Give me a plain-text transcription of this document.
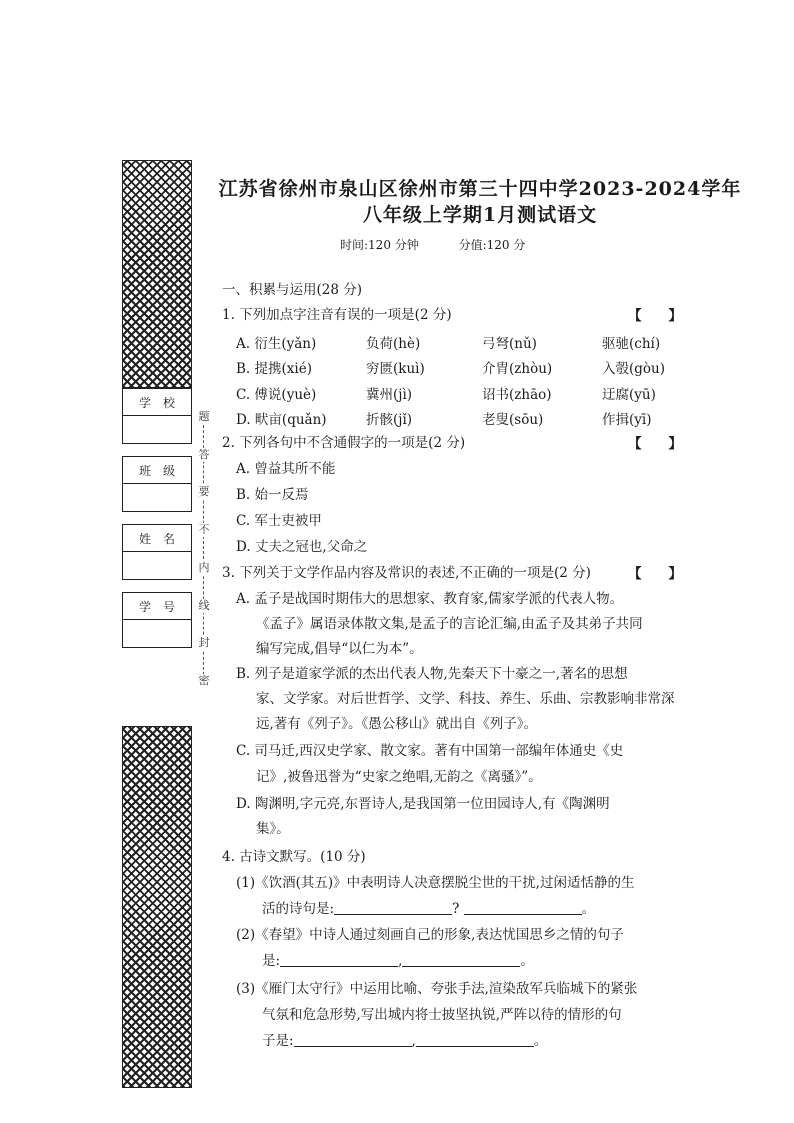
学 校
班 级
姓 名
学 号
题
答
要
不
内
线
封
密
江苏省徐州市泉山区徐州市第三十四中学2023-2024学年
八年级上学期1月测试语文
时间:120 分钟	分值:120 分
一、积累与运用(28 分)
1. 下列加点字注音有误的一项是(2 分)	【　　】
A. 衍生(yǎn)	负荷(hè)	弓弩(nǔ)	驱驰(chí)
B. 提携(xié)	穷匮(kuì)	介胄(zhòu)	入彀(gòu)
C. 傅说(yuè)	冀州(jì)	诏书(zhāo)	迂腐(yū)
D. 畎亩(quǎn)	折骸(jǐ)	老叟(sōu)	作揖(yī)
2. 下列各句中不含通假字的一项是(2 分)	【　　】
A. 曾益其所不能
B. 始一反焉
C. 军士吏被甲
D. 丈夫之冠也,父命之
3. 下列关于文学作品内容及常识的表述,不正确的一项是(2 分)	【　　】
A. 孟子是战国时期伟大的思想家、教育家,儒家学派的代表人物。
《孟子》属语录体散文集,是孟子的言论汇编,由孟子及其弟子共同
编写完成,倡导“以仁为本”。
B. 列子是道家学派的杰出代表人物,先秦天下十豪之一,著名的思想
家、文学家。对后世哲学、文学、科技、养生、乐曲、宗教影响非常深
远,著有《列子》。《愚公移山》就出自《列子》。
C. 司马迁,西汉史学家、散文家。著有中国第一部编年体通史《史
记》,被鲁迅誉为“史家之绝唱,无韵之《离骚》”。
D. 陶渊明,字元亮,东晋诗人,是我国第一位田园诗人,有《陶渊明
集》。
4. 古诗文默写。(10 分)
(1)《饮酒(其五)》中表明诗人决意摆脱尘世的干扰,过闲适恬静的生
活的诗句是:	?	。
(2)《春望》中诗人通过刻画自己的形象,表达忧国思乡之情的句子
是:	,	。
(3)《雁门太守行》中运用比喻、夸张手法,渲染敌军兵临城下的紧张
气氛和危急形势,写出城内将士披坚执锐,严阵以待的情形的句
子是:	,	。
